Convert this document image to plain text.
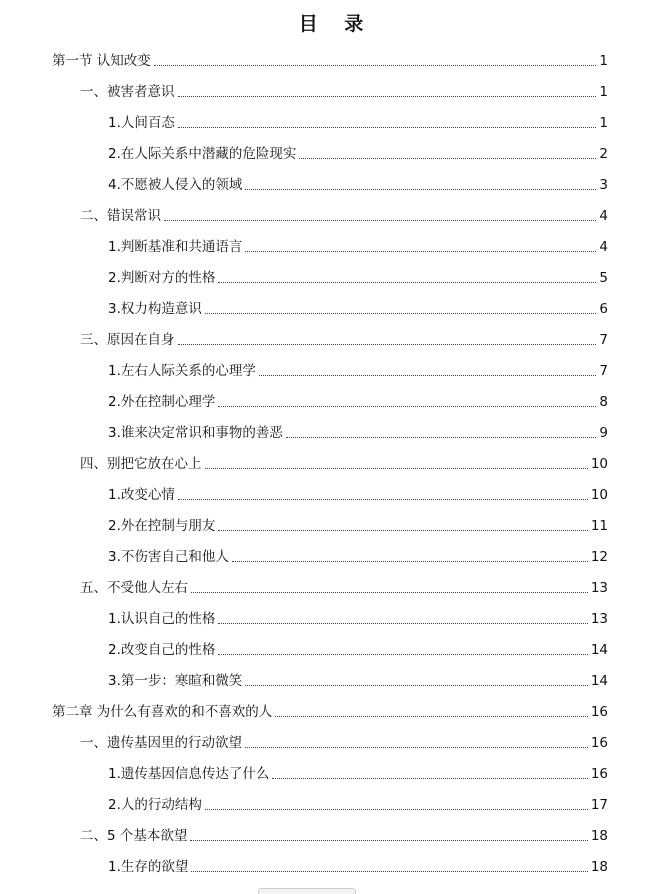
目 录
第一节 认知改变	1
一、被害者意识	1
1.人间百态	1
2.在人际关系中潜藏的危险现实	2
4.不愿被人侵入的领域	3
二、错误常识	4
1.判断基准和共通语言	4
2.判断对方的性格	5
3.权力构造意识	6
三、原因在自身	7
1.左右人际关系的心理学	7
2.外在控制心理学	8
3.谁来决定常识和事物的善恶	9
四、别把它放在心上	10
1.改变心情	10
2.外在控制与朋友	11
3.不伤害自己和他人	12
五、不受他人左右	13
1.认识自己的性格	13
2.改变自己的性格	14
3.第一步：寒暄和微笑	14
第二章 为什么有喜欢的和不喜欢的人	16
一、遗传基因里的行动欲望	16
1.遗传基因信息传达了什么	16
2.人的行动结构	17
二、5 个基本欲望	18
1.生存的欲望	18
